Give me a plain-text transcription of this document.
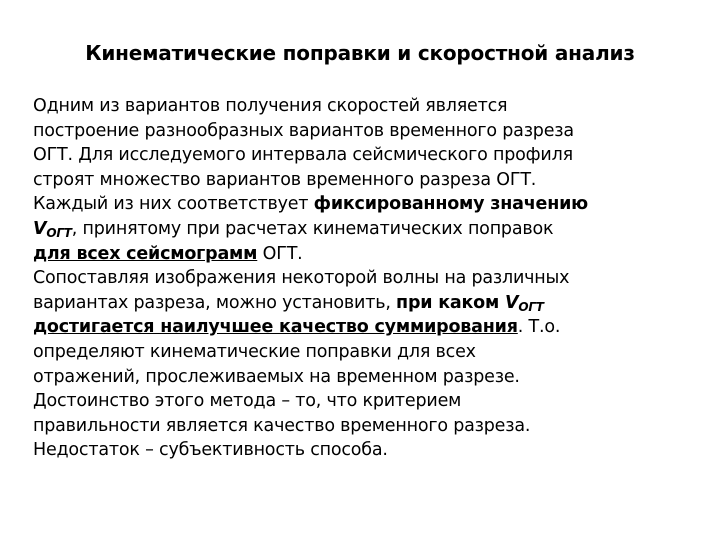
Кинематические поправки и скоростной анализ

Одним из вариантов получения скоростей является
построение разнообразных вариантов временного разреза
ОГТ. Для исследуемого интервала сейсмического профиля
строят множество вариантов временного разреза ОГТ.
Каждый из них соответствует фиксированному значению
$V_{ОГТ}$, принятому при расчетах кинематических поправок
для всех сейсмограмм ОГТ.

Сопоставляя изображения некоторой волны на различных
вариантах разреза, можно установить, при каком $V_{ОГТ}$
достигается наилучшее качество суммирования. Т.о.
определяют кинематические поправки для всех
отражений, прослеживаемых на временном разрезе.
Достоинство этого метода – то, что критерием
правильности является качество временного разреза.
Недостаток – субъективность способа.
